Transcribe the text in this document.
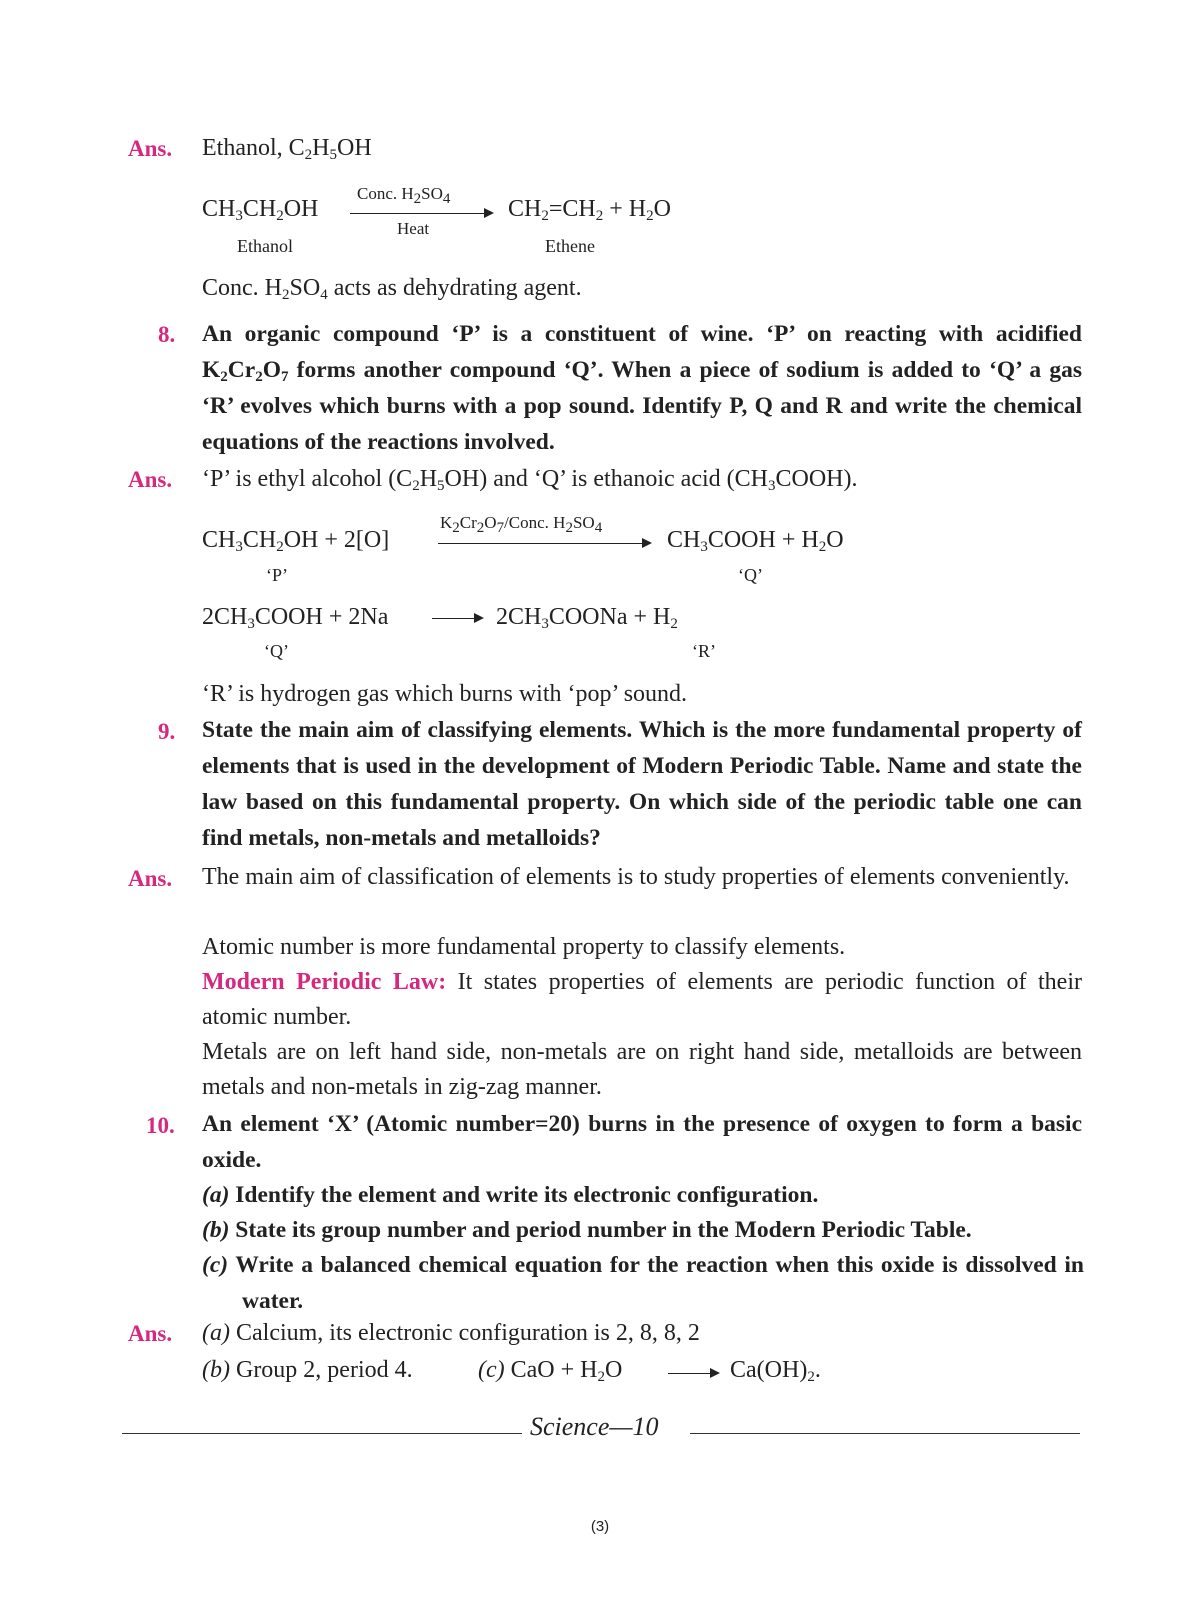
Ans. Ethanol, $C_2H_5OH$
$CH_3CH_2OH$
Ethanol
Conc. H2SO4
Heat
$CH_2=CH_2 + H_2O$
Ethene
Conc. $H_2SO_4$ acts as dehydrating agent.
8. An organic compound ‘P’ is a constituent of wine. ‘P’ on reacting with acidified $K_2Cr_2O_7$ forms another compound ‘Q’. When a piece of sodium is added to ‘Q’ a gas ‘R’ evolves which burns with a pop sound. Identify P, Q and R and write the chemical equations of the reactions involved.
Ans. ‘P’ is ethyl alcohol $(C_2H_5OH)$ and ‘Q’ is ethanoic acid $(CH_3COOH)$.
$CH_3CH_2OH + 2[O]$
‘P’
K2Cr2O7/Conc. H2SO4	$CH_3COOH + H_2O$
‘Q’
$2CH_3COOH + 2Na$
‘Q’
→ $2CH_3COONa + H_2$
‘R’
‘R’ is hydrogen gas which burns with ‘pop’ sound.
9. State the main aim of classifying elements. Which is the more fundamental property of elements that is used in the development of Modern Periodic Table. Name and state the law based on this fundamental property. On which side of the periodic table one can find metals, non-metals and metalloids?
Ans. The main aim of classification of elements is to study properties of elements conveniently.
Atomic number is more fundamental property to classify elements.
Modern Periodic Law: It states properties of elements are periodic function of their atomic number.
Metals are on left hand side, non-metals are on right hand side, metalloids are between metals and non-metals in zig-zag manner.
10. An element ‘X’ (Atomic number=20) burns in the presence of oxygen to form a basic oxide.
(a) Identify the element and write its electronic configuration.
(b) State its group number and period number in the Modern Periodic Table.
(c) Write a balanced chemical equation for the reaction when this oxide is dissolved in water.
Ans. (a) Calcium, its electronic configuration is 2, 8, 8, 2
(b) Group 2, period 4.	(c) CaO + $H_2O$	→ $Ca(OH)_2$.
Science—10
(3)
